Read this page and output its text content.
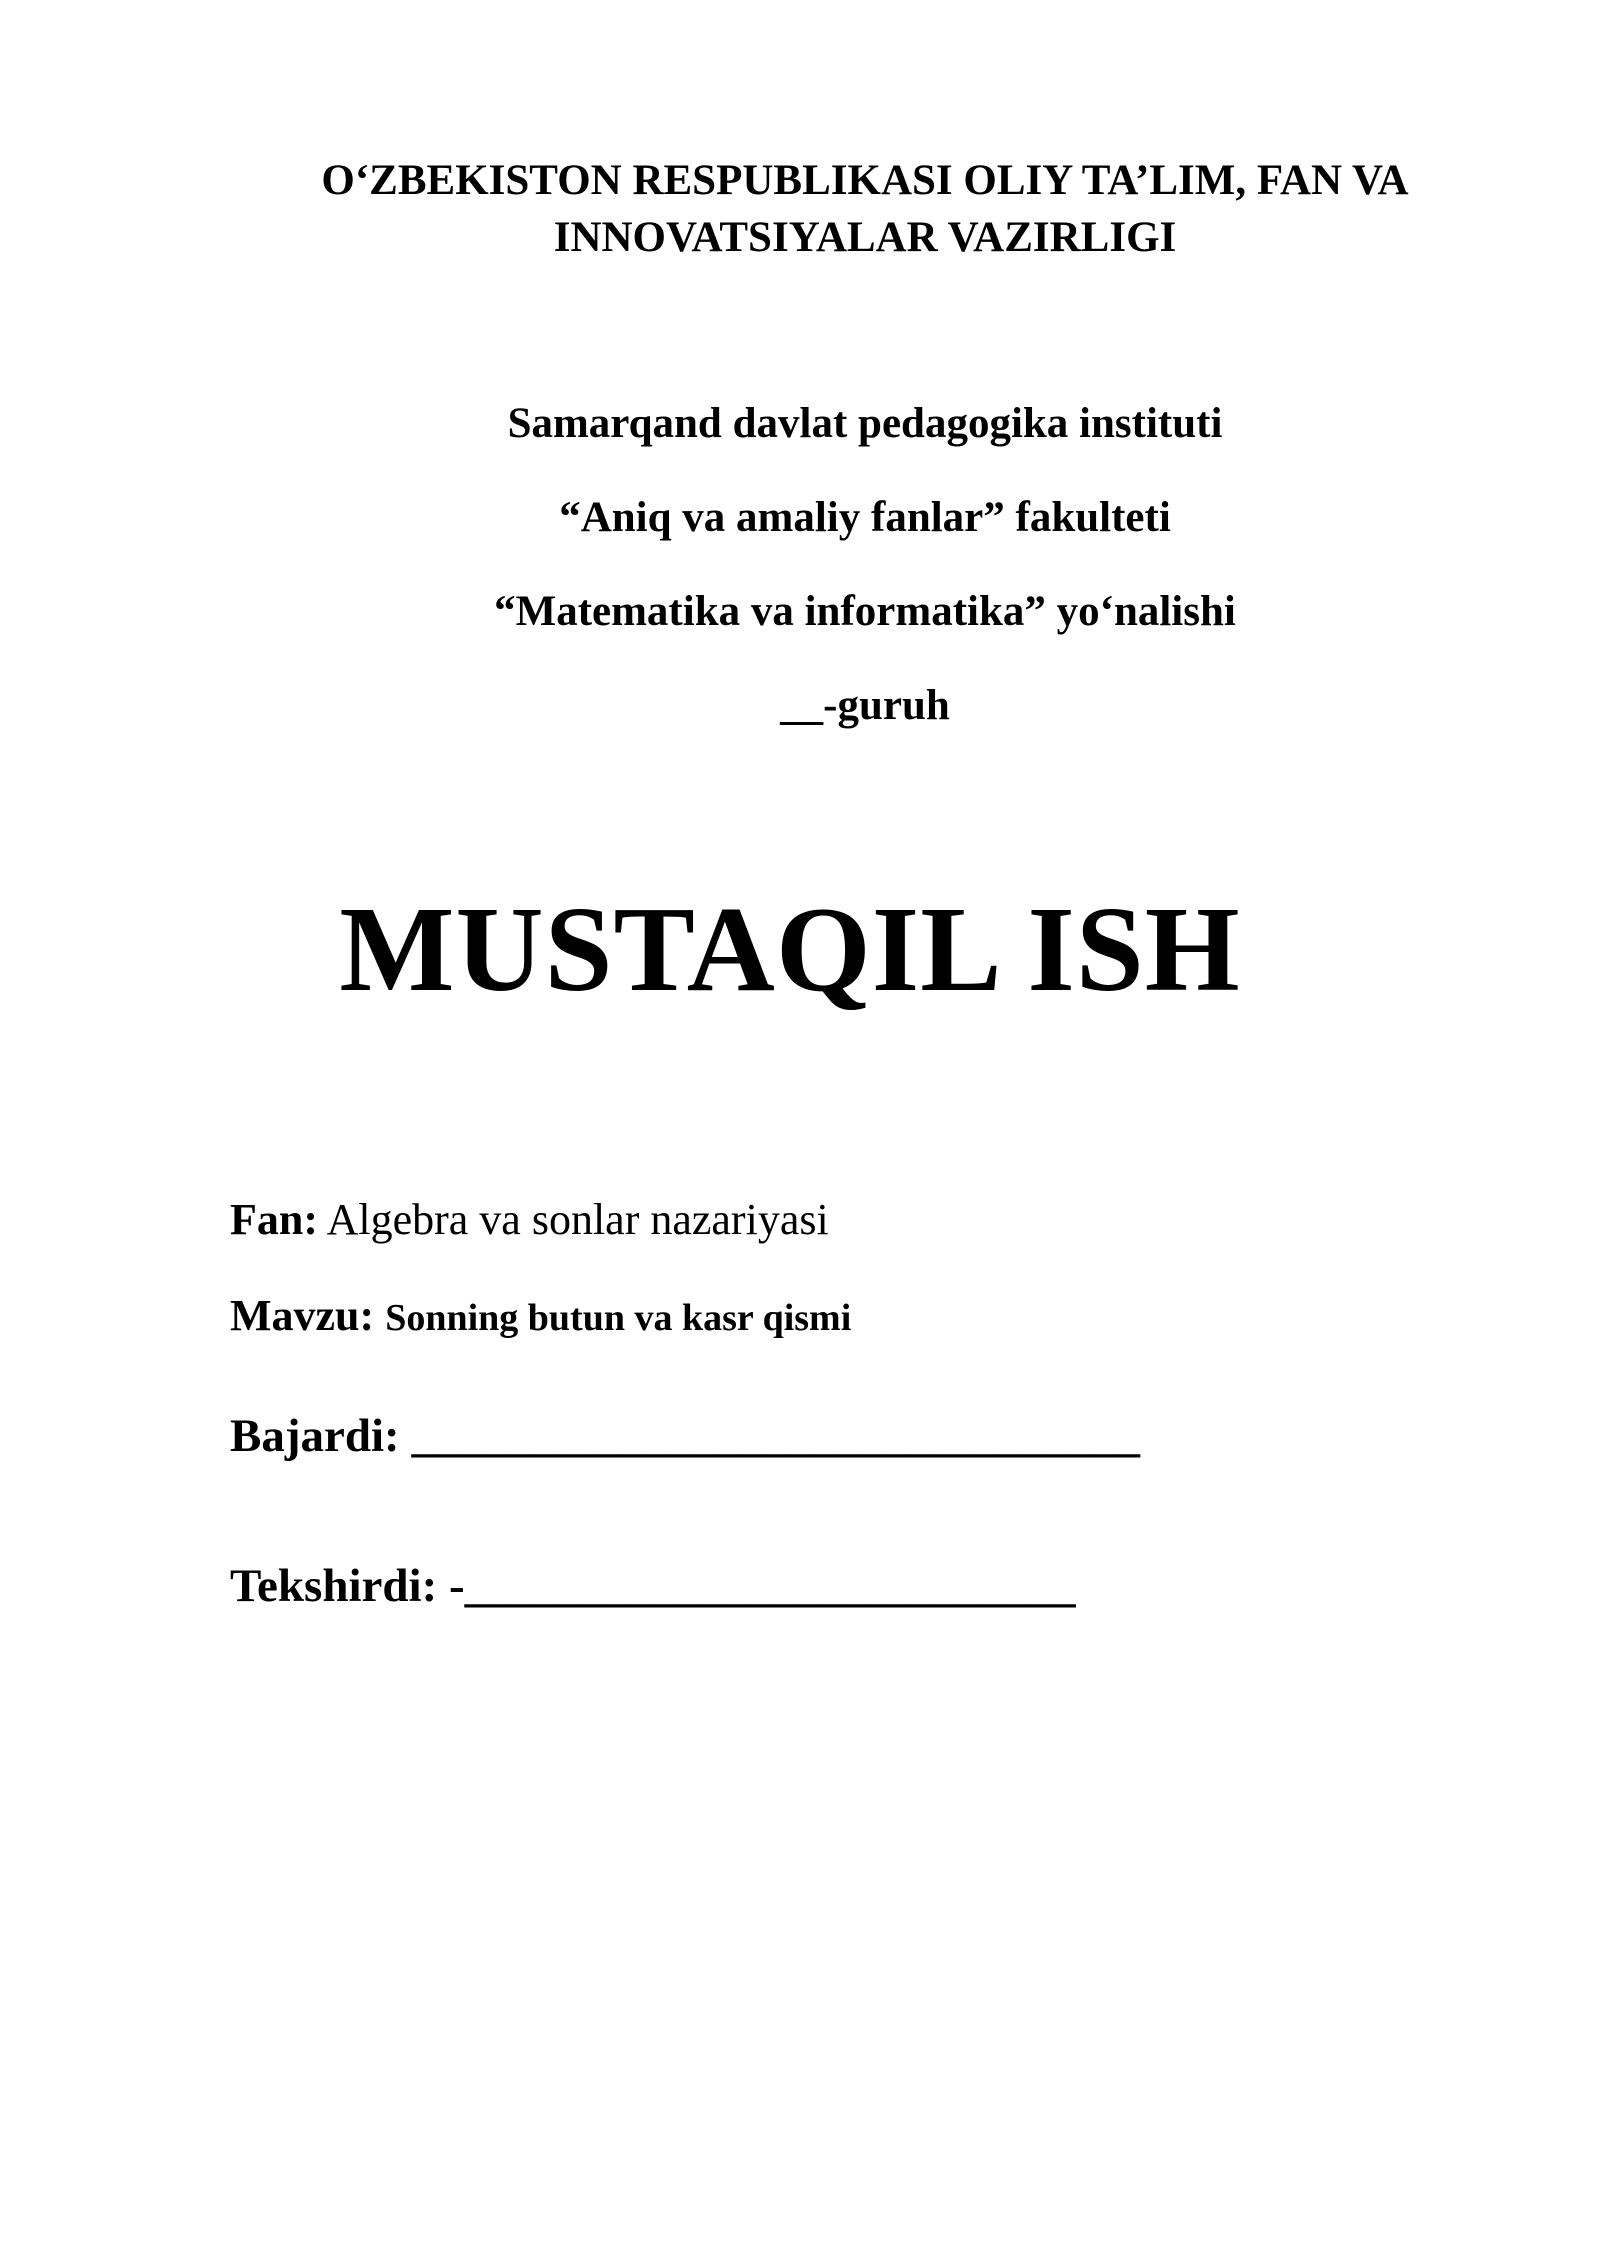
O‘ZBEKISTON RESPUBLIKASI OLIY TA’LIM, FAN VA
INNOVATSIYALAR VAZIRLIGI
Samarqand davlat pedagogika instituti
“Aniq va amaliy fanlar” fakulteti
“Matematika va informatika” yo‘nalishi
__-guruh
MUSTAQIL ISH
Fan: Algebra va sonlar nazariyasi
Mavzu: Sonning butun va kasr qismi
Bajardi: _______________________________
Tekshirdi: -__________________________
